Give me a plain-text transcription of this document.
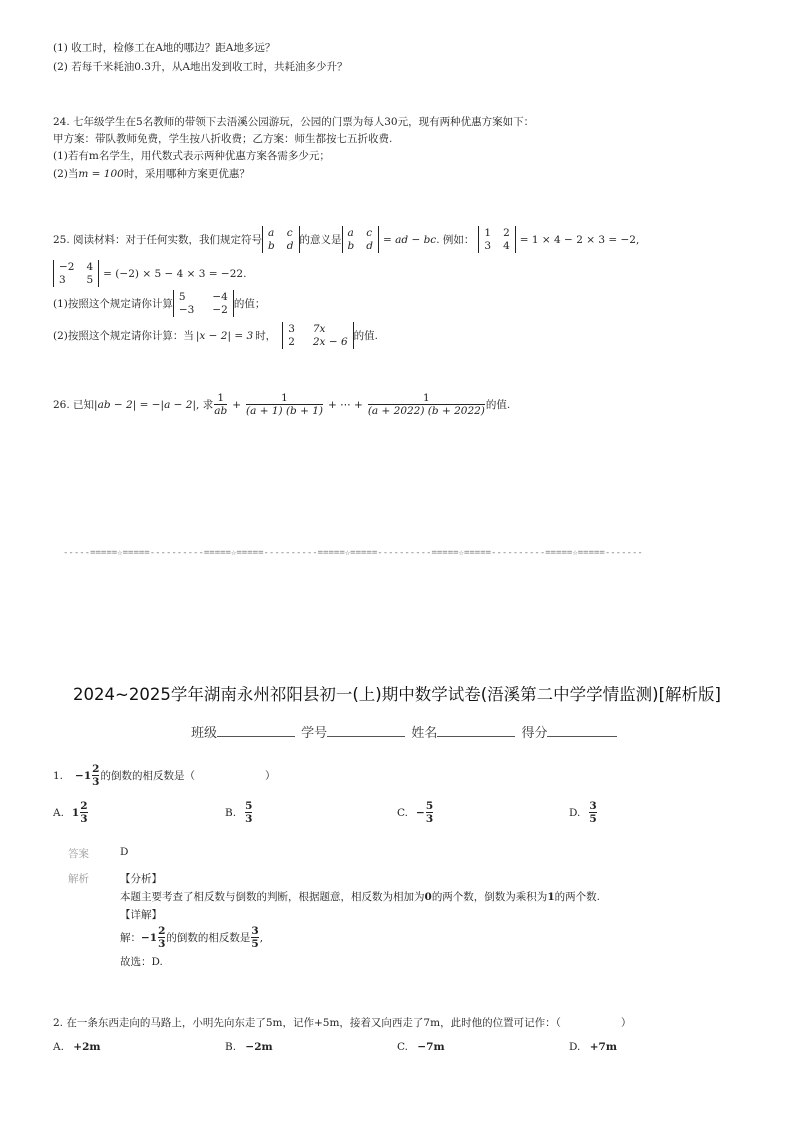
(1) 收工时，检修工在A地的哪边？距A地多远？
(2) 若每千米耗油0.3升，从A地出发到收工时，共耗油多少升？
24. 七年级学生在5名教师的带领下去浯溪公园游玩，公园的门票为每人30元，现有两种优惠方案如下：
甲方案：带队教师免费，学生按八折收费；乙方案：师生都按七五折收费.
(1)若有m名学生，用代数式表示两种优惠方案各需多少元；
(2)当m = 100时，采用哪种方案更优惠？
25. 阅读材料：对于任何实数，我们规定符号
a c
b d 的意义是
a c
b d
= ad − bc . 例如：
1 2
3 4
= 1 × 4 − 2 × 3 = −2,
−2 4
3	5
= (−2) × 5 − 4 × 3 = −22.
(1)按照这个规定请你计算
5	−4
−3 −2 的值；
(2)按照这个规定请你计算：当 |x − 2| = 3 时，
3 7x
2 2x − 6 的值.
26. 已知 |ab − 2| = −|a − 2| , 求 $\frac{1}{ab} + \frac{1}{(a + 1) (b + 1)}$ + ⋯ + $\frac{1}{(a + 2022) (b + 2022)}$ 的值.
-----=====☆=====----------=====☆=====----------=====☆=====----------=====☆=====----------=====☆=====-------
2024~2025学年湖南永州祁阳县初一(上)期中数学试卷(浯溪第二中学学情监测)[解析版]
班级	学号	姓名	得分
1. $-1 \frac{2}{3}$ 的倒数的相反数是（	）
A. $1 \frac{2}{3}$	B. $\frac{5}{3}$	C. − $\frac{5}{3}$	D. $\frac{3}{5}$
答案	D
解析	【分析】
本题主要考查了相反数与倒数的判断，根据题意，相反数为相加为0的两个数，倒数为乘积为1的两个数.
【详解】
解： $-1 \frac{2}{3}$ 的倒数的相反数是 $\frac{3}{5}$ ,
故选：D.
2. 在一条东西走向的马路上，小明先向东走了5m，记作+5m，接着又向西走了7m，此时他的位置可记作：（	）
A. +2m	B. −2m	C. −7m	D. +7m
